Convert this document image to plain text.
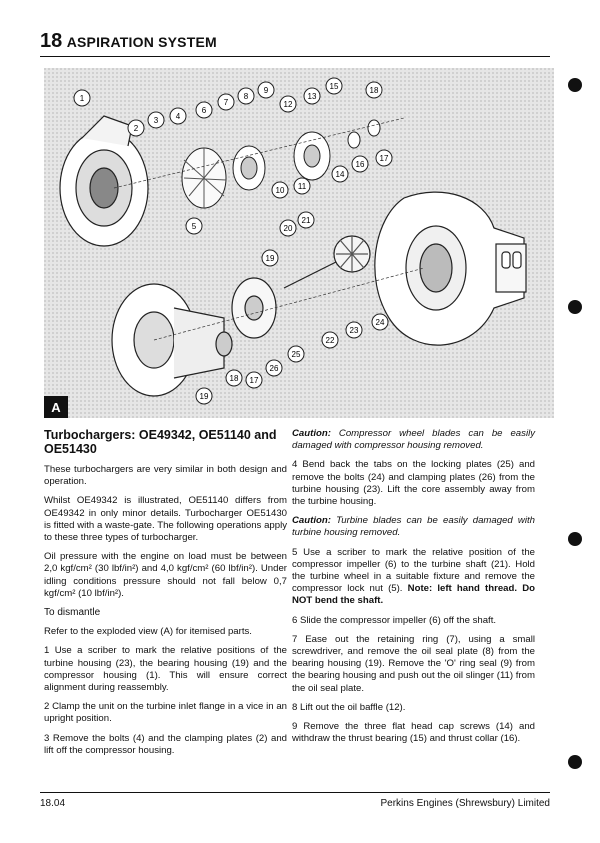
18 ASPIRATION SYSTEM
1
2
3 4
5
6
7
8
9
10 11
12
13
14
15
16
17
18
19
20
21
22
23
24
25
26
17
18
19
A
Turbochargers: OE49342, OE51140 and OE51430

These turbochargers are very similar in both design and operation.

Whilst OE49342 is illustrated, OE51140 differs from OE49342 in only minor details. Turbocharger OE51430 is fitted with a waste-gate. The following operations apply to these three types of turbocharger.

Oil pressure with the engine on load must be between 2,0 kgf/cm² (30 lbf/in²) and 4,0 kgf/cm² (60 lbf/in²). Under idling conditions pressure should not fall below 0,7 kgf/cm² (10 lbf/in²).

To dismantle

Refer to the exploded view (A) for itemised parts.

1 Use a scriber to mark the relative positions of the turbine housing (23), the bearing housing (19) and the compressor housing (1). This will ensure correct alignment during reassembly.

2 Clamp the unit on the turbine inlet flange in a vice in an upright position.

3 Remove the bolts (4) and the clamping plates (2) and lift off the compressor housing.

Caution: Compressor wheel blades can be easily damaged with compressor housing removed.

4 Bend back the tabs on the locking plates (25) and remove the bolts (24) and clamping plates (26) from the turbine housing (23). Lift the core assembly away from the turbine housing.

Caution: Turbine blades can be easily damaged with turbine housing removed.

5 Use a scriber to mark the relative position of the compressor impeller (6) to the turbine shaft (21). Hold the turbine wheel in a suitable fixture and remove the compressor lock nut (5). Note: left hand thread. Do NOT bend the shaft.

6 Slide the compressor impeller (6) off the shaft.

7 Ease out the retaining ring (7), using a small screwdriver, and remove the oil seal plate (8) from the bearing housing (19). Remove the 'O' ring seal (9) from the bearing housing and push out the oil slinger (11) from the oil seal plate.

8 Lift out the oil baffle (12).

9 Remove the three flat head cap screws (14) and withdraw the thrust bearing (15) and thrust collar (16).

18.04	Perkins Engines (Shrewsbury) Limited
